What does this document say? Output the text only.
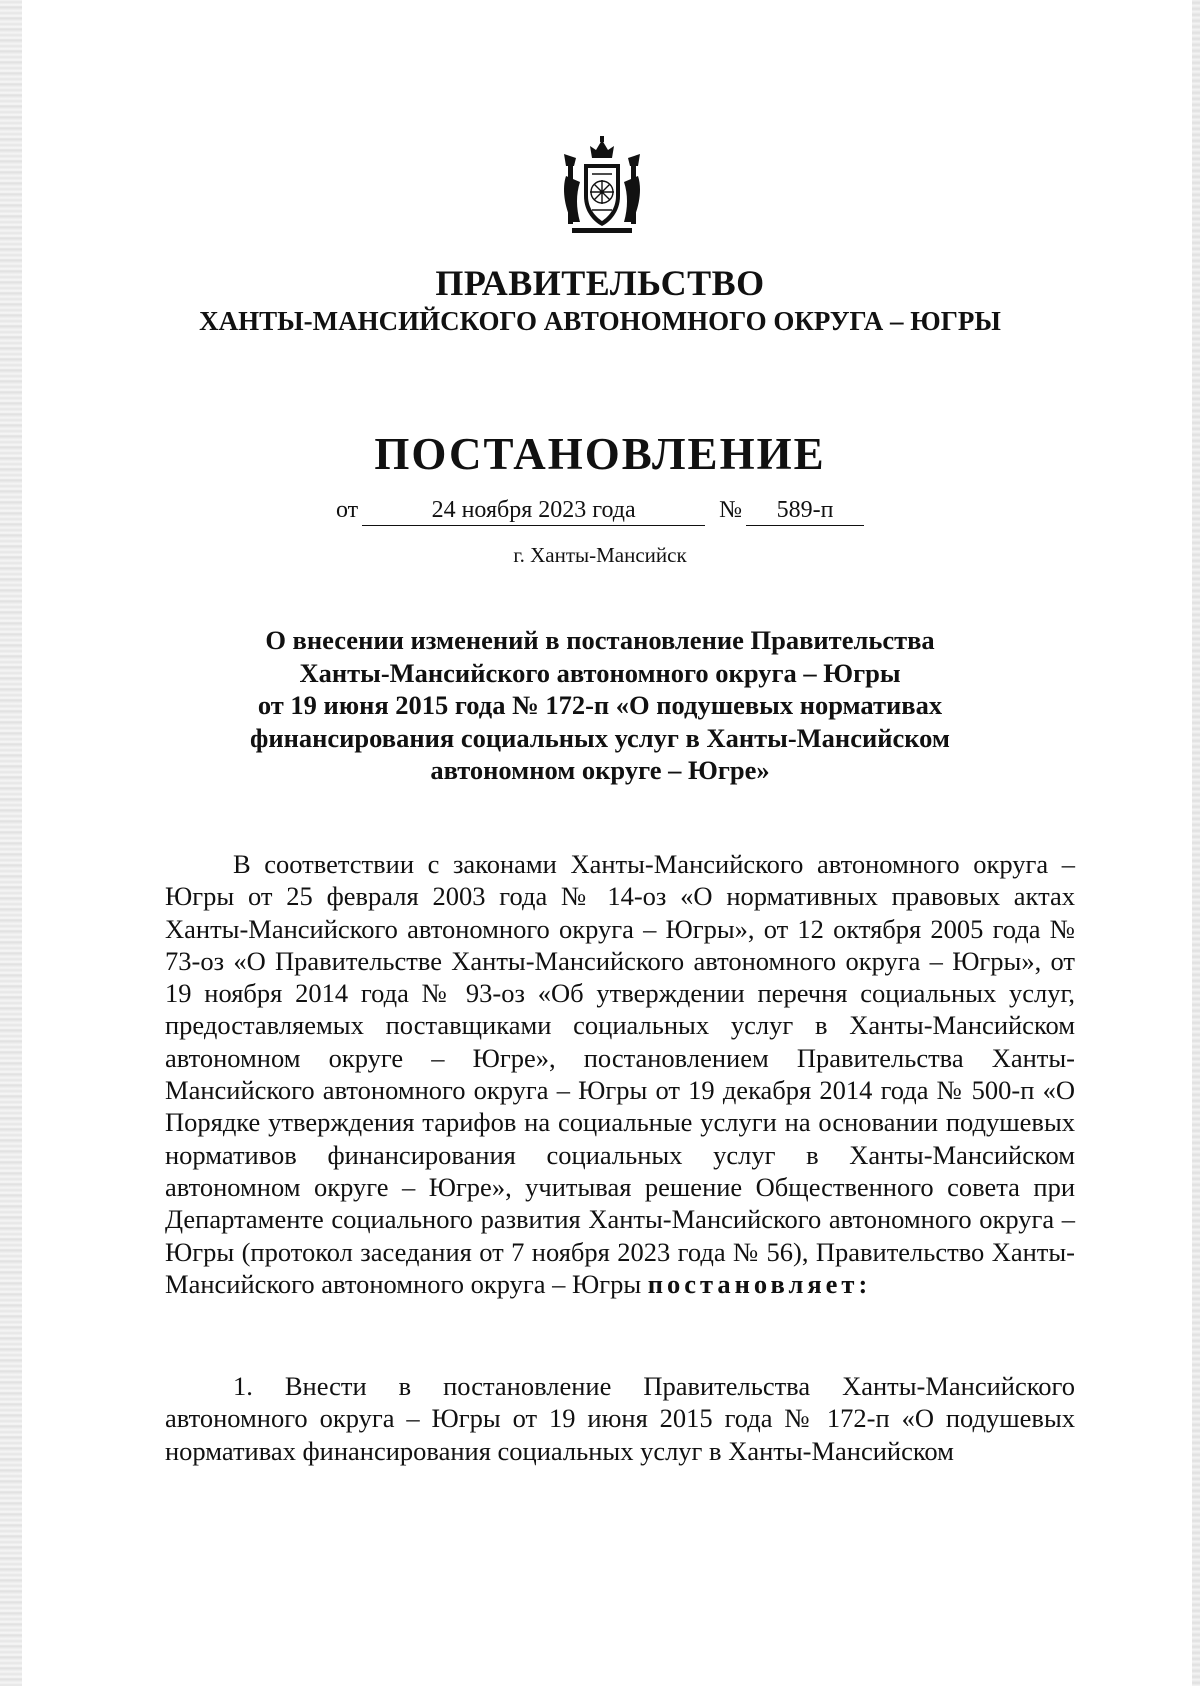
ПРАВИТЕЛЬСТВО
ХАНТЫ-МАНСИЙСКОГО АВТОНОМНОГО ОКРУГА – ЮГРЫ
ПОСТАНОВЛЕНИЕ
от	24 ноября 2023 года	№	589-п
г. Ханты-Мансийск
О внесении изменений в постановление Правительства
Ханты-Мансийского автономного округа – Югры
от 19 июня 2015 года № 172-п «О подушевых нормативах
финансирования социальных услуг в Ханты-Мансийском
автономном округе – Югре»
В соответствии с законами Ханты-Мансийского автономного округа – Югры от 25 февраля 2003 года № 14-оз «О нормативных правовых актах Ханты-Мансийского автономного округа – Югры», от 12 октября 2005 года № 73-оз «О Правительстве Ханты-Мансийского автономного округа – Югры», от 19 ноября 2014 года № 93-оз «Об утверждении перечня социальных услуг, предоставляемых поставщиками социальных услуг в Ханты-Мансийском автономном округе – Югре», постановлением Правительства Ханты-Мансийского автономного округа – Югры от 19 декабря 2014 года № 500-п «О Порядке утверждения тарифов на социальные услуги на основании подушевых нормативов финансирования социальных услуг в Ханты-Мансийском автономном округе – Югре», учитывая решение Общественного совета при Департаменте социального развития Ханты-Мансийского автономного округа – Югры (протокол заседания от 7 ноября 2023 года № 56), Правительство Ханты-Мансийского автономного округа – Югры постановляет:
1. Внести в постановление Правительства Ханты-Мансийского автономного округа – Югры от 19 июня 2015 года № 172-п «О подушевых нормативах финансирования социальных услуг в Ханты-Мансийском
